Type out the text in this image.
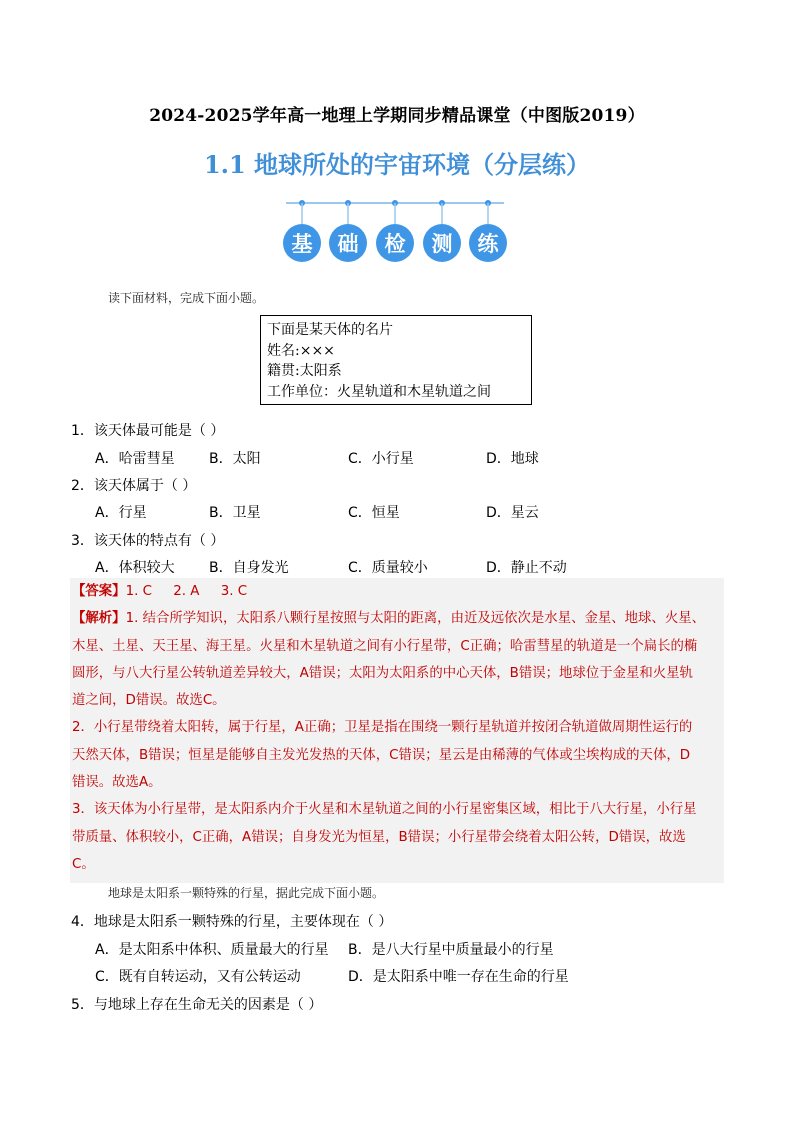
2024-2025学年高一地理上学期同步精品课堂（中图版2019）
1.1 地球所处的宇宙环境（分层练）
基 础 检 测 练
读下面材料，完成下面小题。
下面是某天体的名片
姓名:×××
籍贯:太阳系
工作单位：火星轨道和木星轨道之间
1．该天体最可能是（ ）
A．哈雷彗星 B．太阳	C．小行星	D．地球
2．该天体属于（ ）
A．行星	B．卫星	C．恒星	D．星云
3．该天体的特点有（ ）
A．体积较大 B．自身发光	C．质量较小	D．静止不动
【答案】1. C     2. A     3. C
【解析】1. 结合所学知识，太阳系八颗行星按照与太阳的距离，由近及远依次是水星、金星、地球、火星、
木星、土星、天王星、海王星。火星和木星轨道之间有小行星带，C正确；哈雷彗星的轨道是一个扁长的椭
圆形，与八大行星公转轨道差异较大，A错误；太阳为太阳系的中心天体，B错误；地球位于金星和火星轨
道之间，D错误。故选C。
2．小行星带绕着太阳转，属于行星，A正确；卫星是指在围绕一颗行星轨道并按闭合轨道做周期性运行的
天然天体，B错误；恒星是能够自主发光发热的天体，C错误；星云是由稀薄的气体或尘埃构成的天体，D
错误。故选A。
3．该天体为小行星带，是太阳系内介于火星和木星轨道之间的小行星密集区域，相比于八大行星，小行星
带质量、体积较小，C正确，A错误；自身发光为恒星，B错误；小行星带会绕着太阳公转，D错误，故选
C。
地球是太阳系一颗特殊的行星，据此完成下面小题。
4．地球是太阳系一颗特殊的行星，主要体现在（ ）
A．是太阳系中体积、质量最大的行星 B．是八大行星中质量最小的行星
C．既有自转运动，又有公转运动	D．是太阳系中唯一存在生命的行星
5．与地球上存在生命无关的因素是（ ）
